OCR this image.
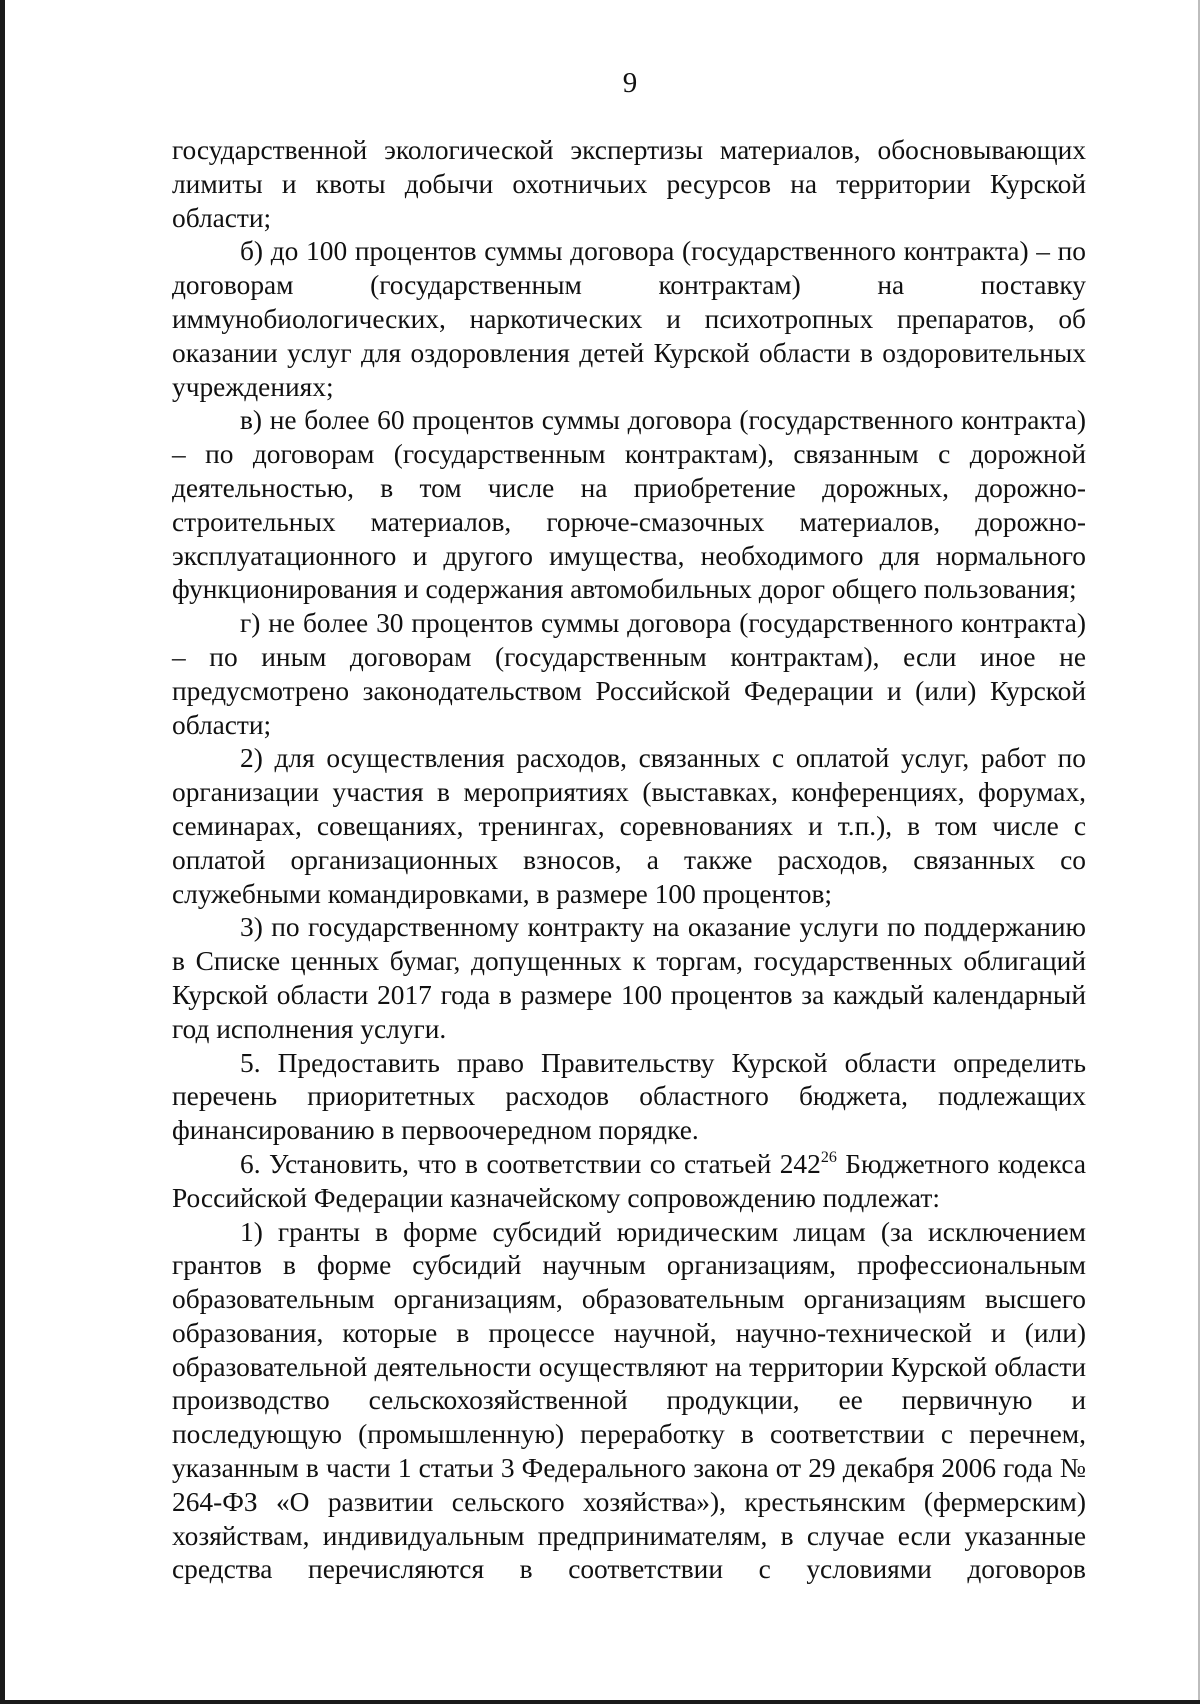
9

государственной экологической экспертизы материалов, обосновывающих лимиты и квоты добычи охотничьих ресурсов на территории Курской области;

б) до 100 процентов суммы договора (государственного контракта) – по договорам (государственным контрактам) на поставку иммунобиологических, наркотических и психотропных препаратов, об оказании услуг для оздоровления детей Курской области в оздоровительных учреждениях;

в) не более 60 процентов суммы договора (государственного контракта) – по договорам (государственным контрактам), связанным с дорожной деятельностью, в том числе на приобретение дорожных, дорожно-строительных материалов, горюче-смазочных материалов, дорожно-эксплуатационного и другого имущества, необходимого для нормального функционирования и содержания автомобильных дорог общего пользования;

г) не более 30 процентов суммы договора (государственного контракта) – по иным договорам (государственным контрактам), если иное не предусмотрено законодательством Российской Федерации и (или) Курской области;

2) для осуществления расходов, связанных с оплатой услуг, работ по организации участия в мероприятиях (выставках, конференциях, форумах, семинарах, совещаниях, тренингах, соревнованиях и т.п.), в том числе с оплатой организационных взносов, а также расходов, связанных со служебными командировками, в размере 100 процентов;

3) по государственному контракту на оказание услуги по поддержанию в Списке ценных бумаг, допущенных к торгам, государственных облигаций Курской области 2017 года в размере 100 процентов за каждый календарный год исполнения услуги.

5. Предоставить право Правительству Курской области определить перечень приоритетных расходов областного бюджета, подлежащих финансированию в первоочередном порядке.

6. Установить, что в соответствии со статьей $242^{26}$ Бюджетного кодекса Российской Федерации казначейскому сопровождению подлежат:

1) гранты в форме субсидий юридическим лицам (за исключением грантов в форме субсидий научным организациям, профессиональным образовательным организациям, образовательным организациям высшего образования, которые в процессе научной, научно-технической и (или) образовательной деятельности осуществляют на территории Курской области производство сельскохозяйственной продукции, ее первичную и последующую (промышленную) переработку в соответствии с перечнем, указанным в части 1 статьи 3 Федерального закона от 29 декабря 2006 года № 264-ФЗ «О развитии сельского хозяйства»), крестьянским (фермерским) хозяйствам, индивидуальным предпринимателям, в случае если указанные средства перечисляются в соответствии с условиями договоров
